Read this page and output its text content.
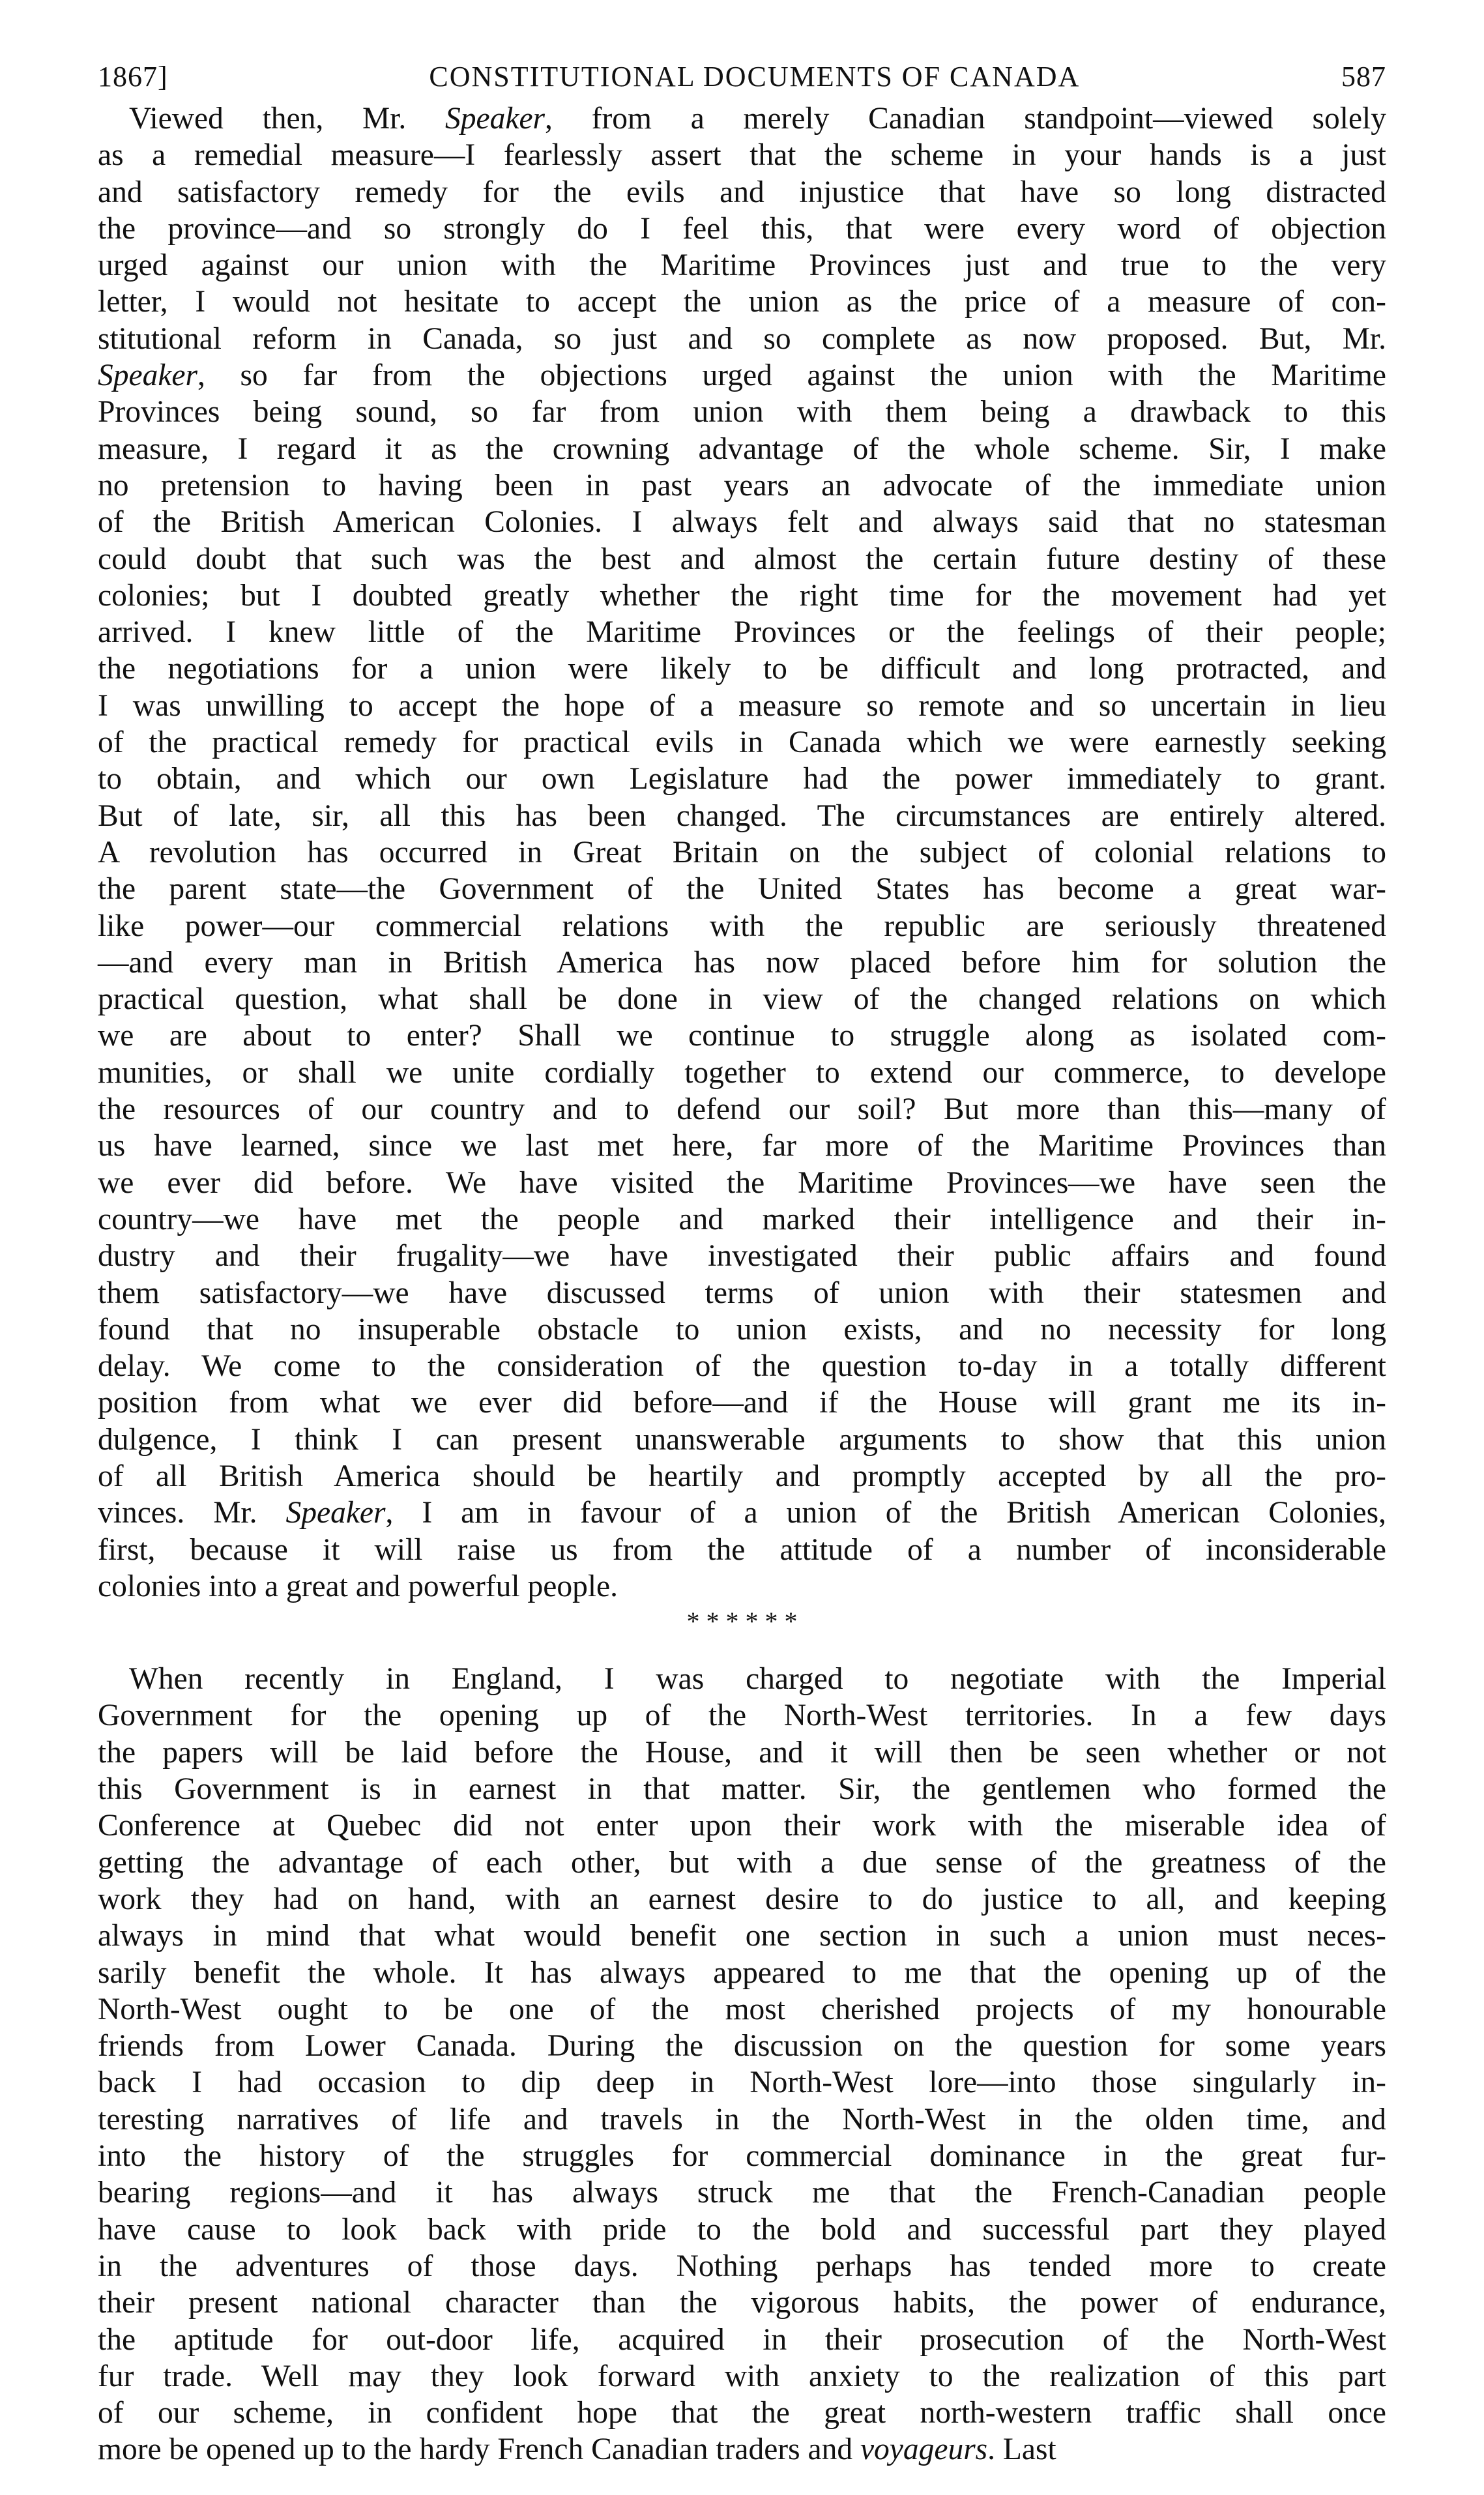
1867]	CONSTITUTIONAL DOCUMENTS OF CANADA	587
Viewed then, Mr. Speaker, from a merely Canadian standpoint—viewed solely
as a remedial measure—I fearlessly assert that the scheme in your hands is a just
and satisfactory remedy for the evils and injustice that have so long distracted
the province—and so strongly do I feel this, that were every word of objection
urged against our union with the Maritime Provinces just and true to the very
letter, I would not hesitate to accept the union as the price of a measure of con-
stitutional reform in Canada, so just and so complete as now proposed. But, Mr.
Speaker, so far from the objections urged against the union with the Maritime
Provinces being sound, so far from union with them being a drawback to this
measure, I regard it as the crowning advantage of the whole scheme. Sir, I make
no pretension to having been in past years an advocate of the immediate union
of the British American Colonies. I always felt and always said that no statesman
could doubt that such was the best and almost the certain future destiny of these
colonies; but I doubted greatly whether the right time for the movement had yet
arrived. I knew little of the Maritime Provinces or the feelings of their people;
the negotiations for a union were likely to be difficult and long protracted, and
I was unwilling to accept the hope of a measure so remote and so uncertain in lieu
of the practical remedy for practical evils in Canada which we were earnestly seeking
to obtain, and which our own Legislature had the power immediately to grant.
But of late, sir, all this has been changed. The circumstances are entirely altered.
A revolution has occurred in Great Britain on the subject of colonial relations to
the parent state—the Government of the United States has become a great war-
like power—our commercial relations with the republic are seriously threatened
—and every man in British America has now placed before him for solution the
practical question, what shall be done in view of the changed relations on which
we are about to enter? Shall we continue to struggle along as isolated com-
munities, or shall we unite cordially together to extend our commerce, to develope
the resources of our country and to defend our soil? But more than this—many of
us have learned, since we last met here, far more of the Maritime Provinces than
we ever did before. We have visited the Maritime Provinces—we have seen the
country—we have met the people and marked their intelligence and their in-
dustry and their frugality—we have investigated their public affairs and found
them satisfactory—we have discussed terms of union with their statesmen and
found that no insuperable obstacle to union exists, and no necessity for long
delay. We come to the consideration of the question to-day in a totally different
position from what we ever did before—and if the House will grant me its in-
dulgence, I think I can present unanswerable arguments to show that this union
of all British America should be heartily and promptly accepted by all the pro-
vinces. Mr. Speaker, I am in favour of a union of the British American Colonies,
first, because it will raise us from the attitude of a number of inconsiderable
colonies into a great and powerful people.
* * * * * *
When recently in England, I was charged to negotiate with the Imperial
Government for the opening up of the North-West territories. In a few days
the papers will be laid before the House, and it will then be seen whether or not
this Government is in earnest in that matter. Sir, the gentlemen who formed the
Conference at Quebec did not enter upon their work with the miserable idea of
getting the advantage of each other, but with a due sense of the greatness of the
work they had on hand, with an earnest desire to do justice to all, and keeping
always in mind that what would benefit one section in such a union must neces-
sarily benefit the whole. It has always appeared to me that the opening up of the
North-West ought to be one of the most cherished projects of my honourable
friends from Lower Canada. During the discussion on the question for some years
back I had occasion to dip deep in North-West lore—into those singularly in-
teresting narratives of life and travels in the North-West in the olden time, and
into the history of the struggles for commercial dominance in the great fur-
bearing regions—and it has always struck me that the French-Canadian people
have cause to look back with pride to the bold and successful part they played
in the adventures of those days. Nothing perhaps has tended more to create
their present national character than the vigorous habits, the power of endurance,
the aptitude for out-door life, acquired in their prosecution of the North-West
fur trade. Well may they look forward with anxiety to the realization of this part
of our scheme, in confident hope that the great north-western traffic shall once
more be opened up to the hardy French Canadian traders and voyageurs. Last
